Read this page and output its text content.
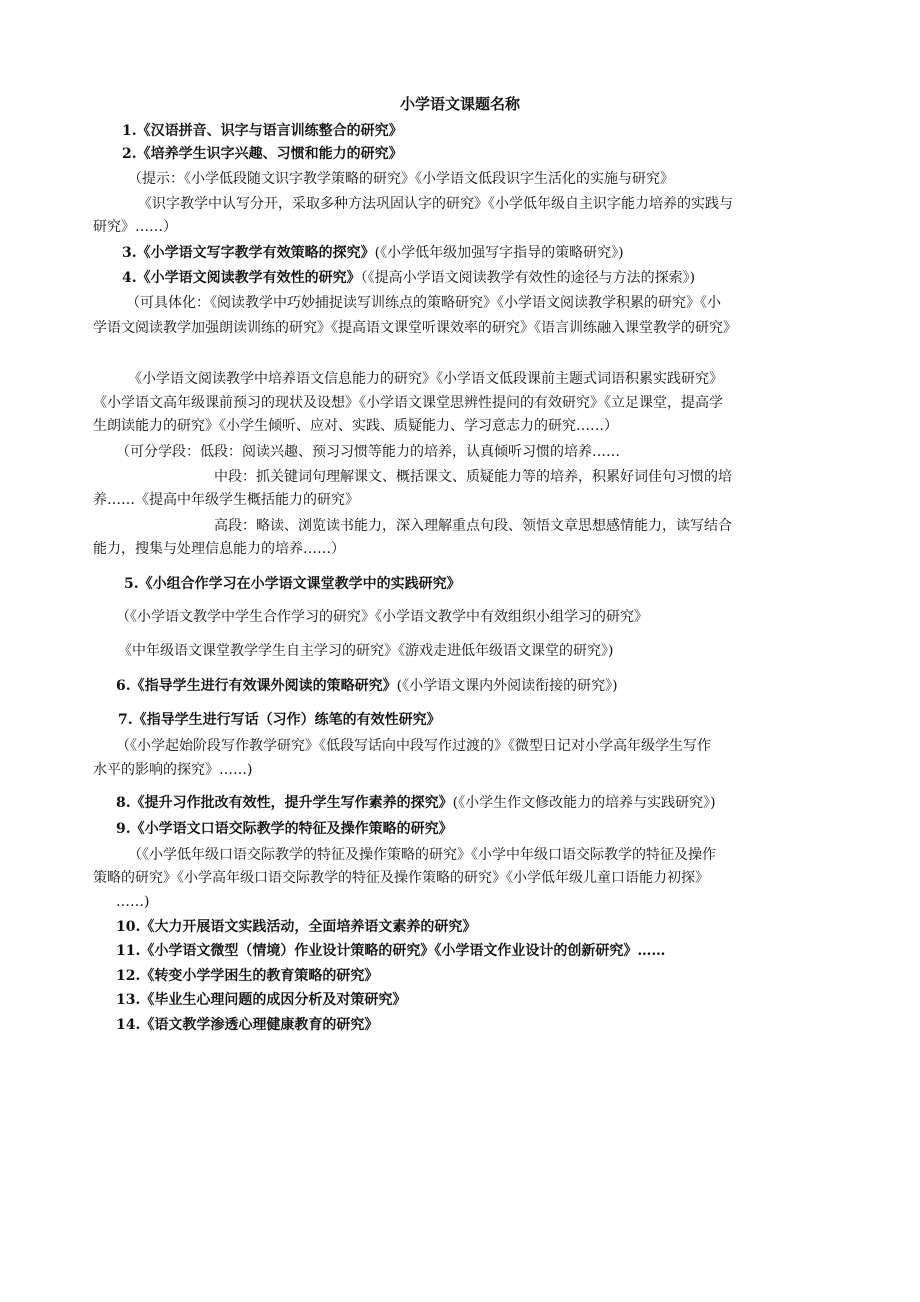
小学语文课题名称
1.《汉语拼音、识字与语言训练整合的研究》
2.《培养学生识字兴趣、习惯和能力的研究》
（提示：《小学低段随文识字教学策略的研究》《小学语文低段识字生活化的实施与研究》
《识字教学中认写分开，采取多种方法巩固认字的研究》《小学低年级自主识字能力培养的实践与
研究》……）
3.《小学语文写字教学有效策略的探究》(《小学低年级加强写字指导的策略研究》)
4.《小学语文阅读教学有效性的研究》（《提高小学语文阅读教学有效性的途径与方法的探索》)
（可具体化：《阅读教学中巧妙捕捉读写训练点的策略研究》《小学语文阅读教学积累的研究》《小
学语文阅读教学加强朗读训练的研究》《提高语文课堂听课效率的研究》《语言训练融入课堂教学的研究》
《小学语文阅读教学中培养语文信息能力的研究》《小学语文低段课前主题式词语积累实践研究》
《小学语文高年级课前预习的现状及设想》《小学语文课堂思辨性提问的有效研究》《立足课堂，提高学
生朗读能力的研究》《小学生倾听、应对、实践、质疑能力、学习意志力的研究……）
（可分学段：低段：阅读兴趣、预习习惯等能力的培养，认真倾听习惯的培养……
中段：抓关键词句理解课文、概括课文、质疑能力等的培养，积累好词佳句习惯的培
养……《提高中年级学生概括能力的研究》
高段：略读、浏览读书能力，深入理解重点句段、领悟文章思想感情能力，读写结合
能力，搜集与处理信息能力的培养……）
5.《小组合作学习在小学语文课堂教学中的实践研究》
（《小学语文教学中学生合作学习的研究》《小学语文教学中有效组织小组学习的研究》
《中年级语文课堂教学学生自主学习的研究》《游戏走进低年级语文课堂的研究》)
6.《指导学生进行有效课外阅读的策略研究》(《小学语文课内外阅读衔接的研究》)
7.《指导学生进行写话（习作）练笔的有效性研究》
（《小学起始阶段写作教学研究》《低段写话向中段写作过渡的》《微型日记对小学高年级学生写作
水平的影响的探究》……)
8.《提升习作批改有效性，提升学生写作素养的探究》(《小学生作文修改能力的培养与实践研究》)
9.《小学语文口语交际教学的特征及操作策略的研究》
（《小学低年级口语交际教学的特征及操作策略的研究》《小学中年级口语交际教学的特征及操作
策略的研究》《小学高年级口语交际教学的特征及操作策略的研究》《小学低年级儿童口语能力初探》
……)
10.《大力开展语文实践活动，全面培养语文素养的研究》
11.《小学语文微型（情境）作业设计策略的研究》《小学语文作业设计的创新研究》……
12.《转变小学学困生的教育策略的研究》
13.《毕业生心理问题的成因分析及对策研究》
14.《语文教学渗透心理健康教育的研究》
